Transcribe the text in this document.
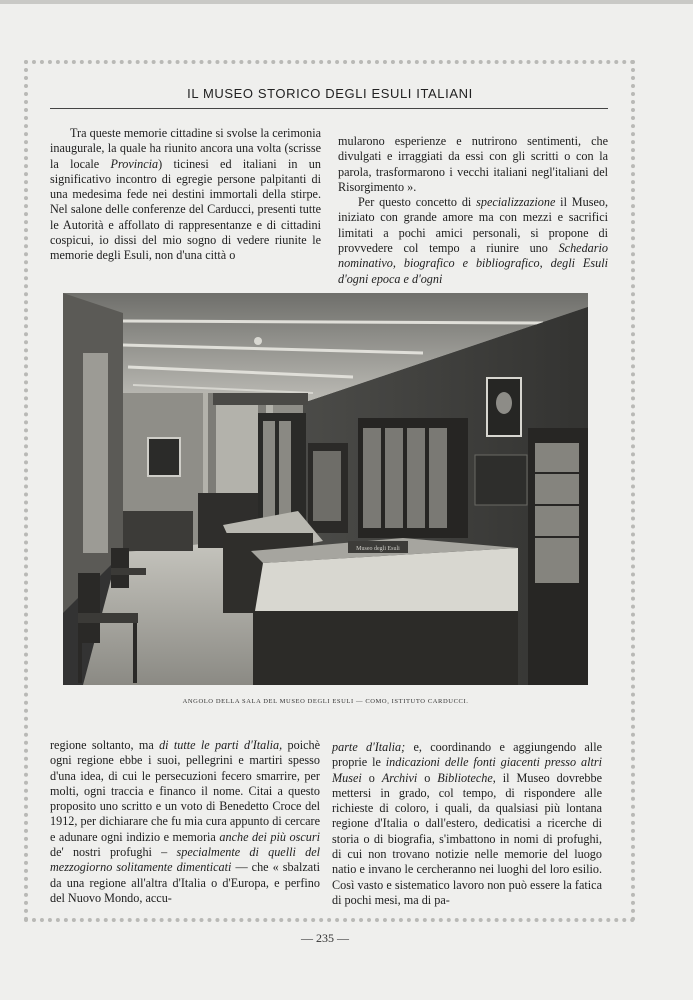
IL MUSEO STORICO DEGLI ESULI ITALIANI

Tra queste memorie cittadine si svolse la cerimonia inaugurale, la quale ha riunito ancora una volta (scrisse la locale Provincia) ticinesi ed italiani in un significativo incontro di egregie persone palpitanti di una medesima fede nei destini immortali della stirpe. Nel salone delle conferenze del Carducci, presenti tutte le Autorità e affollato di rappresentanze e di cittadini cospicui, io dissi del mio sogno di vedere riunite le memorie degli Esuli, non d'una città o

mularono esperienze e nutrirono sentimenti, che divulgati e irraggiati da essi con gli scritti o con la parola, trasformarono i vecchi italiani negl'italiani del Risorgimento ».

Per questo concetto di specializzazione il Museo, iniziato con grande amore ma con mezzi e sacrifici limitati a pochi amici personali, si propone di provvedere col tempo a riunire uno Schedario nominativo, biografico e bibliografico, degli Esuli d'ogni epoca e d'ogni

Museo degli Esuli
ANGOLO DELLA SALA DEL MUSEO DEGLI ESULI — COMO, ISTITUTO CARDUCCI.

regione soltanto, ma di tutte le parti d'Italia, poichè ogni regione ebbe i suoi, pellegrini e martiri spesso d'una idea, di cui le persecuzioni fecero smarrire, per molti, ogni traccia e financo il nome. Citai a questo proposito uno scritto e un voto di Benedetto Croce del 1912, per dichiarare che fu mia cura appunto di cercare e adunare ogni indizio e memoria anche dei più oscuri de' nostri profughi – specialmente di quelli del mezzogiorno solitamente dimenticati — che « sbalzati da una regione all'altra d'Italia o d'Europa, e perfino del Nuovo Mondo, accu-

parte d'Italia; e, coordinando e aggiungendo alle proprie le indicazioni delle fonti giacenti presso altri Musei o Archivi o Biblioteche, il Museo dovrebbe mettersi in grado, col tempo, di rispondere alle richieste di coloro, i quali, da qualsiasi più lontana regione d'Italia o dall'estero, dedicatisi a ricerche di storia o di biografia, s'imbattono in nomi di profughi, di cui non trovano notizie nelle memorie del luogo natio e invano le cercheranno nei luoghi del loro esilio. Così vasto e sistematico lavoro non può essere la fatica di pochi mesi, ma di pa-

— 235 —
